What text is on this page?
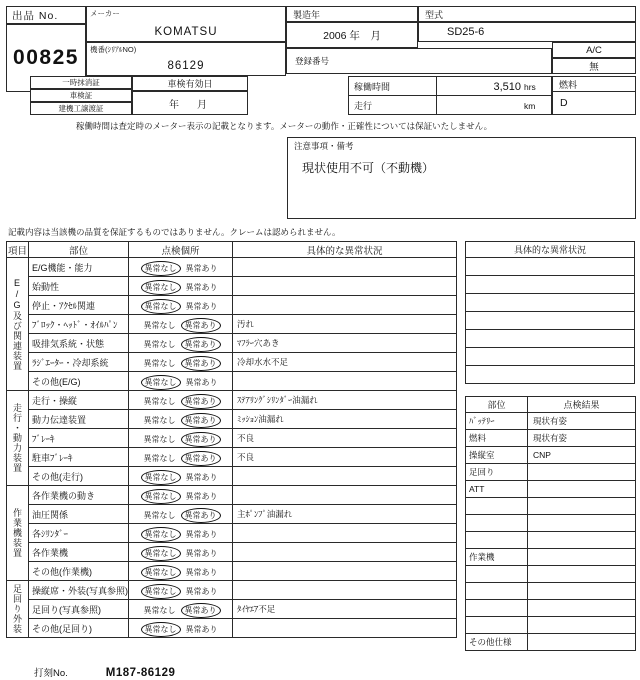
出品 No.
00825
メーカー
KOMATSU
機番(ｼﾘｱﾙNO)
86129
製造年	型式
2006 年　月	SD25-6
登録番号
A/C
無
一時抹消証
車検証
建機工譲渡証
車検有効日
年　月
稼働時間	3,510 hrs
走行	km
燃料
D
稼働時間は査定時のメーター表示の記載となります。メーターの動作・正確性については保証いたしません。
注意事項・備考
現状使用不可（不動機）
記載内容は当該機の品質を保証するものではありません。クレームは認められません。
項目	部位	点検個所	具体的な異常状況
E/G及び関連装置	E/G機能・能力	異常なし 異常あり	
	始動性	異常なし 異常あり	
	停止・ｱｸｾﾙ関連	異常なし 異常あり	
	ﾌﾞﾛｯｸ・ﾍｯﾄﾞ・ｵｲﾙﾊﾟﾝ	異常なし 異常あり	汚れ
	吸排気系統・状態	異常なし 異常あり	ﾏﾌﾗｰ穴あき
	ﾗｼﾞｴｰﾀｰ・冷却系統	異常なし 異常あり	冷却水水不足
	その他(E/G)	異常なし 異常あり	
走行・動力装置	走行・操縦	異常なし 異常あり	ｽﾃｱﾘﾝｸﾞｼﾘﾝﾀﾞｰ油漏れ
	動力伝達装置	異常なし 異常あり	ﾐｯｼｮﾝ油漏れ
	ﾌﾞﾚｰｷ	異常なし 異常あり	不良
	駐車ﾌﾞﾚｰｷ	異常なし 異常あり	不良
	その他(走行)	異常なし 異常あり	
作業機装置	各作業機の動き	異常なし 異常あり	
	油圧関係	異常なし 異常あり	主ﾎﾟﾝﾌﾟ油漏れ
	各ｼﾘﾝﾀﾞｰ	異常なし 異常あり	
	各作業機	異常なし 異常あり	
	その他(作業機)	異常なし 異常あり	
足回り外装	操縦席・外装(写真参照)	異常なし 異常あり	
	足回り(写真参照)	異常なし 異常あり	ﾀｲﾔｴｱ不足
	その他(足回り)	異常なし 異常あり	
具体的な異常状況

部位	点検結果
ﾊﾞｯﾃﾘｰ	現状有姿
燃料	現状有姿
操縦室	CNP
足回り	
ATT	

作業機	

その他仕様	
打刻No.	M187-86129
